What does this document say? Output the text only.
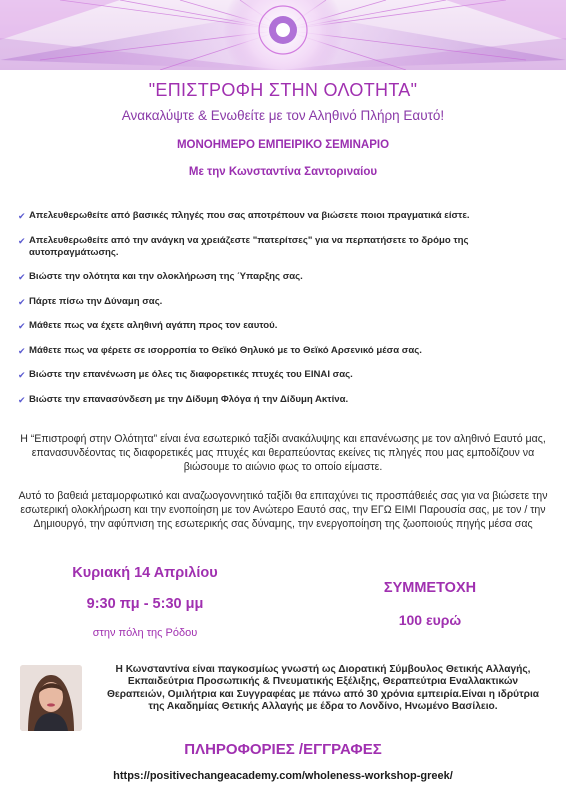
"ΕΠΙΣΤΡΟΦΗ ΣΤΗΝ ΟΛΟΤΗΤΑ"
Ανακαλύψτε & Ενωθείτε με τον Αληθινό Πλήρη Εαυτό!
ΜΟΝΟΗΜΕΡΟ ΕΜΠΕΙΡΙΚΟ ΣΕΜΙΝΑΡΙΟ
Με την Κωνσταντίνα Σαντοριναίου
✔ Απελευθερωθείτε από βασικές πληγές που σας αποτρέπουν να βιώσετε ποιοι πραγματικά είστε.
✔ Απελευθερωθείτε από την ανάγκη να χρειάζεστε "πατερίτσες" για να περπατήσετε το δρόμο της αυτοπραγμάτωσης.
✔ Βιώστε την ολότητα και την ολοκλήρωση της Ύπαρξης σας.
✔ Πάρτε πίσω την Δύναμη σας.
✔ Μάθετε πως να έχετε αληθινή αγάπη προς τον εαυτού.
✔ Μάθετε πως να φέρετε σε ισορροπία το Θεϊκό Θηλυκό με το Θεϊκό Αρσενικό μέσα σας.
✔ Βιώστε την επανένωση με όλες τις διαφορετικές πτυχές του ΕΙΝΑΙ σας.
✔ Βιώστε την επανασύνδεση με την Δίδυμη Φλόγα ή την Δίδυμη Ακτίνα.
Η “Επιστροφή στην Ολότητα” είναι ένα εσωτερικό ταξίδι ανακάλυψης και επανένωσης με τον αληθινό Εαυτό μας, επανασυνδέοντας τις διαφορετικές μας πτυχές και θεραπεύοντας εκείνες τις πληγές που μας εμποδίζουν να βιώσουμε το αιώνιο φως το οποίο είμαστε.
Αυτό το βαθειά μεταμορφωτικό και αναζωογοννητικό ταξίδι θα επιταχύνει τις προσπάθειές σας για να βιώσετε την εσωτερική ολοκλήρωση και την ενοποίηση με τον Ανώτερο Εαυτό σας, την ΕΓΩ ΕΙΜΙ Παρουσία σας, με τον / την Δημιουργό, την αφύπνιση της εσωτερικής σας δύναμης, την ενεργοποίηση της ζωοποιούς πηγής μέσα σας
Κυριακή 14 Απριλίου
9:30 πμ - 5:30 μμ
στην πόλη της Ρόδου
ΣΥΜΜΕΤΟΧΗ
100 ευρώ
Η Κωνσταντίνα είναι παγκοσμίως γνωστή ως Διορατική Σύμβουλος Θετικής Αλλαγής, Εκπαιδεύτρια Προσωπικής & Πνευματικής Εξέλιξης, Θεραπεύτρια Εναλλακτικών Θεραπειών, Ομιλήτρια και Συγγραφέας με πάνω από 30 χρόνια εμπειρία.Είναι η ιδρύτρια της Ακαδημίας Θετικής Αλλαγής με έδρα το Λονδίνο, Ηνωμένο Βασίλειο.
ΠΛΗΡΟΦΟΡΙΕΣ /ΕΓΓΡΑΦΕΣ
https://positivechangeacademy.com/wholeness-workshop-greek/
